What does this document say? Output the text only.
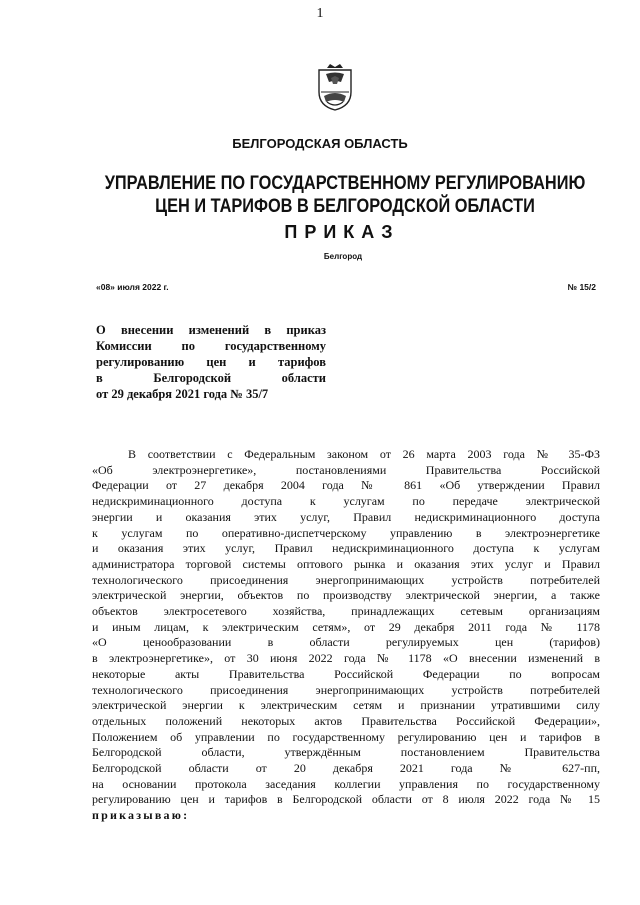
1
БЕЛГОРОДСКАЯ ОБЛАСТЬ
УПРАВЛЕНИЕ ПО ГОСУДАРСТВЕННОМУ РЕГУЛИРОВАНИЮ
ЦЕН И ТАРИФОВ В БЕЛГОРОДСКОЙ ОБЛАСТИ
ПРИКАЗ
Белгород
«08» июля 2022 г.	№ 15/2
О внесении изменений в приказ
Комиссии по государственному
регулированию цен и тарифов
в Белгородской области
от 29 декабря 2021 года № 35/7
В соответствии с Федеральным законом от 26 марта 2003 года № 35-ФЗ
«Об электроэнергетике», постановлениями Правительства Российской
Федерации от 27 декабря 2004 года № 861 «Об утверждении Правил
недискриминационного доступа к услугам по передаче электрической
энергии и оказания этих услуг, Правил недискриминационного доступа
к услугам по оперативно-диспетчерскому управлению в электроэнергетике
и оказания этих услуг, Правил недискриминационного доступа к услугам
администратора торговой системы оптового рынка и оказания этих услуг и Правил
технологического присоединения энергопринимающих устройств потребителей
электрической энергии, объектов по производству электрической энергии, а также
объектов электросетевого хозяйства, принадлежащих сетевым организациям
и иным лицам, к электрическим сетям», от 29 декабря 2011 года № 1178
«О ценообразовании в области регулируемых цен (тарифов)
в электроэнергетике», от 30 июня 2022 года № 1178 «О внесении изменений в
некоторые акты Правительства Российской Федерации по вопросам
технологического присоединения энергопринимающих устройств потребителей
электрической энергии к электрическим сетям и признании утратившими силу
отдельных положений некоторых актов Правительства Российской Федерации»,
Положением об управлении по государственному регулированию цен и тарифов в
Белгородской области, утверждённым постановлением Правительства
Белгородской области от 20 декабря 2021 года № 627-пп,
на основании протокола заседания коллегии управления по государственному
регулированию цен и тарифов в Белгородской области от 8 июля 2022 года № 15
приказываю:
